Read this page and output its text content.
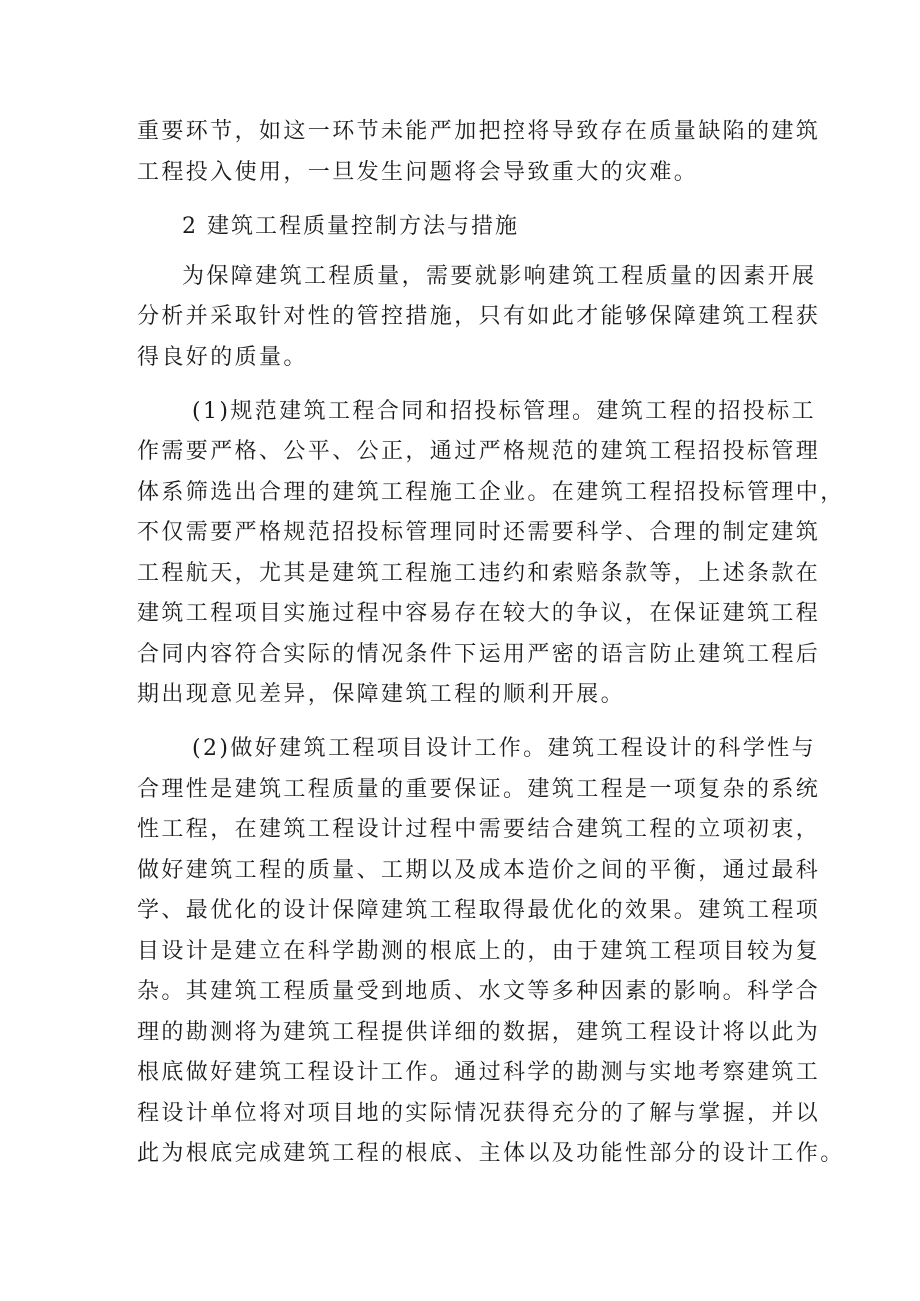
重要环节，如这一环节未能严加把控将导致存在质量缺陷的建筑
工程投入使用，一旦发生问题将会导致重大的灾难。
2 建筑工程质量控制方法与措施
为保障建筑工程质量，需要就影响建筑工程质量的因素开展
分析并采取针对性的管控措施，只有如此才能够保障建筑工程获
得良好的质量。
(1)规范建筑工程合同和招投标管理。建筑工程的招投标工
作需要严格、公平、公正，通过严格规范的建筑工程招投标管理
体系筛选出合理的建筑工程施工企业。在建筑工程招投标管理中，
不仅需要严格规范招投标管理同时还需要科学、合理的制定建筑
工程航天，尤其是建筑工程施工违约和索赔条款等，上述条款在
建筑工程项目实施过程中容易存在较大的争议，在保证建筑工程
合同内容符合实际的情况条件下运用严密的语言防止建筑工程后
期出现意见差异，保障建筑工程的顺利开展。
(2)做好建筑工程项目设计工作。建筑工程设计的科学性与
合理性是建筑工程质量的重要保证。建筑工程是一项复杂的系统
性工程，在建筑工程设计过程中需要结合建筑工程的立项初衷，
做好建筑工程的质量、工期以及成本造价之间的平衡，通过最科
学、最优化的设计保障建筑工程取得最优化的效果。建筑工程项
目设计是建立在科学勘测的根底上的，由于建筑工程项目较为复
杂。其建筑工程质量受到地质、水文等多种因素的影响。科学合
理的勘测将为建筑工程提供详细的数据，建筑工程设计将以此为
根底做好建筑工程设计工作。通过科学的勘测与实地考察建筑工
程设计单位将对项目地的实际情况获得充分的了解与掌握，并以
此为根底完成建筑工程的根底、主体以及功能性部分的设计工作。
